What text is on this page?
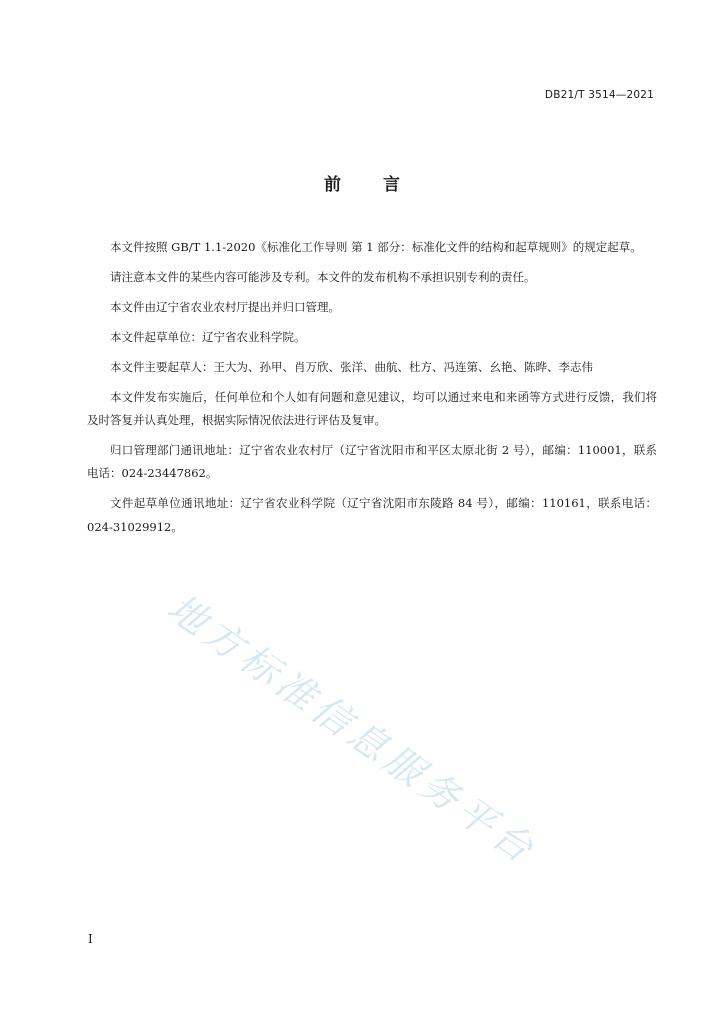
DB21/T 3514—2021
前言

本文件按照 GB/T 1.1-2020《标准化工作导则 第 1 部分：标准化文件的结构和起草规则》的规定起草。

请注意本文件的某些内容可能涉及专利。本文件的发布机构不承担识别专利的责任。

本文件由辽宁省农业农村厅提出并归口管理。

本文件起草单位：辽宁省农业科学院。

本文件主要起草人：王大为、孙甲、肖万欣、张洋、曲航、杜方、冯连第、幺艳、陈晔、李志伟

本文件发布实施后，任何单位和个人如有问题和意见建议，均可以通过来电和来函等方式进行反馈，我们将及时答复并认真处理，根据实际情况依法进行评估及复审。

归口管理部门通讯地址：辽宁省农业农村厅（辽宁省沈阳市和平区太原北街 2 号），邮编：110001，联系电话：024-23447862。

文件起草单位通讯地址：辽宁省农业科学院（辽宁省沈阳市东陵路 84 号），邮编：110161，联系电话：024-31029912。

地方标准信息服务平台
I
